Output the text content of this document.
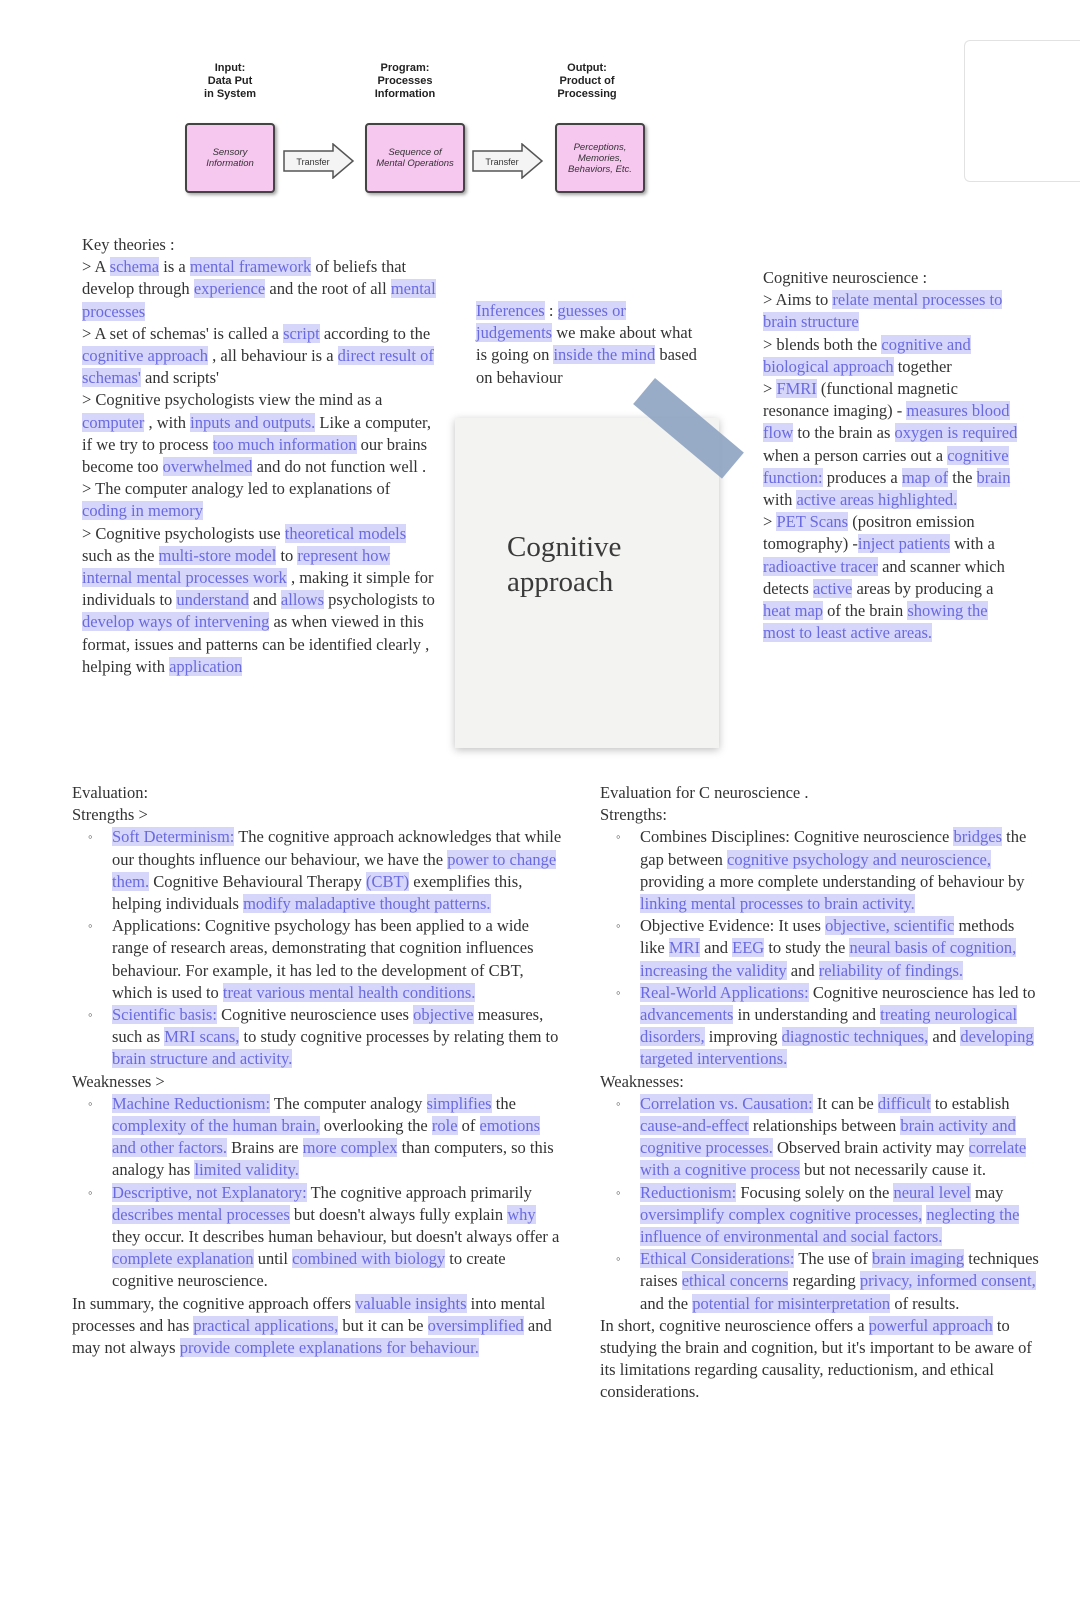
Input:
Data Put
in System
Program:
Processes
Information
Output:
Product of
Processing
Sensory
Information
Sequence of
Mental Operations
Perceptions,
Memories,
Behaviors, Etc.
Transfer	Transfer

Key theories :

> A schema is a mental framework of beliefs that develop through experience and the root of all mental processes

> A set of schemas' is called a script according to the cognitive approach , all behaviour is a direct result of schemas' and scripts'

> Cognitive psychologists view the mind as a computer , with inputs and outputs. Like a computer, if we try to process too much information our brains become too overwhelmed and do not function well .

> The computer analogy led to explanations of coding in memory

> Cognitive psychologists use theoretical models such as the multi-store model to represent how internal mental processes work , making it simple for individuals to understand and allows psychologists to develop ways of intervening as when viewed in this format, issues and patterns can be identified clearly , helping with application

Inferences : guesses or judgements we make about what is going on inside the mind based on behaviour

Cognitive
approach

Cognitive neuroscience :

> Aims to relate mental processes to brain structure

> blends both the cognitive and biological approach together

> FMRI (functional magnetic resonance imaging) - measures blood flow to the brain as oxygen is required when a person carries out a cognitive function: produces a map of the brain with active areas highlighted.

> PET Scans (positron emission tomography) -inject patients with a radioactive tracer and scanner which detects active areas by producing a heat map of the brain showing the most to least active areas.

Evaluation:

Strengths >

◦ Soft Determinism: The cognitive approach acknowledges that while our thoughts influence our behaviour, we have the power to change them. Cognitive Behavioural Therapy (CBT) exemplifies this, helping individuals modify maladaptive thought patterns.
◦ Applications: Cognitive psychology has been applied to a wide range of research areas, demonstrating that cognition influences behaviour. For example, it has led to the development of CBT, which is used to treat various mental health conditions.
◦ Scientific basis: Cognitive neuroscience uses objective measures, such as MRI scans, to study cognitive processes by relating them to brain structure and activity.

Weaknesses >

◦ Machine Reductionism: The computer analogy simplifies the complexity of the human brain, overlooking the role of emotions and other factors. Brains are more complex than computers, so this analogy has limited validity.
◦ Descriptive, not Explanatory: The cognitive approach primarily describes mental processes but doesn't always fully explain why they occur. It describes human behaviour, but doesn't always offer a complete explanation until combined with biology to create cognitive neuroscience.

In summary, the cognitive approach offers valuable insights into mental processes and has practical applications, but it can be oversimplified and may not always provide complete explanations for behaviour.

Evaluation for C neuroscience .

Strengths:

◦ Combines Disciplines: Cognitive neuroscience bridges the gap between cognitive psychology and neuroscience, providing a more complete understanding of behaviour by linking mental processes to brain activity.
◦ Objective Evidence: It uses objective, scientific methods like MRI and EEG to study the neural basis of cognition, increasing the validity and reliability of findings.
◦ Real-World Applications: Cognitive neuroscience has led to advancements in understanding and treating neurological disorders, improving diagnostic techniques, and developing targeted interventions.

Weaknesses:

◦ Correlation vs. Causation: It can be difficult to establish cause-and-effect relationships between brain activity and cognitive processes. Observed brain activity may correlate with a cognitive process but not necessarily cause it.
◦ Reductionism: Focusing solely on the neural level may oversimplify complex cognitive processes, neglecting the influence of environmental and social factors.
◦ Ethical Considerations: The use of brain imaging techniques raises ethical concerns regarding privacy, informed consent, and the potential for misinterpretation of results.

In short, cognitive neuroscience offers a powerful approach to studying the brain and cognition, but it's important to be aware of its limitations regarding causality, reductionism, and ethical considerations.
